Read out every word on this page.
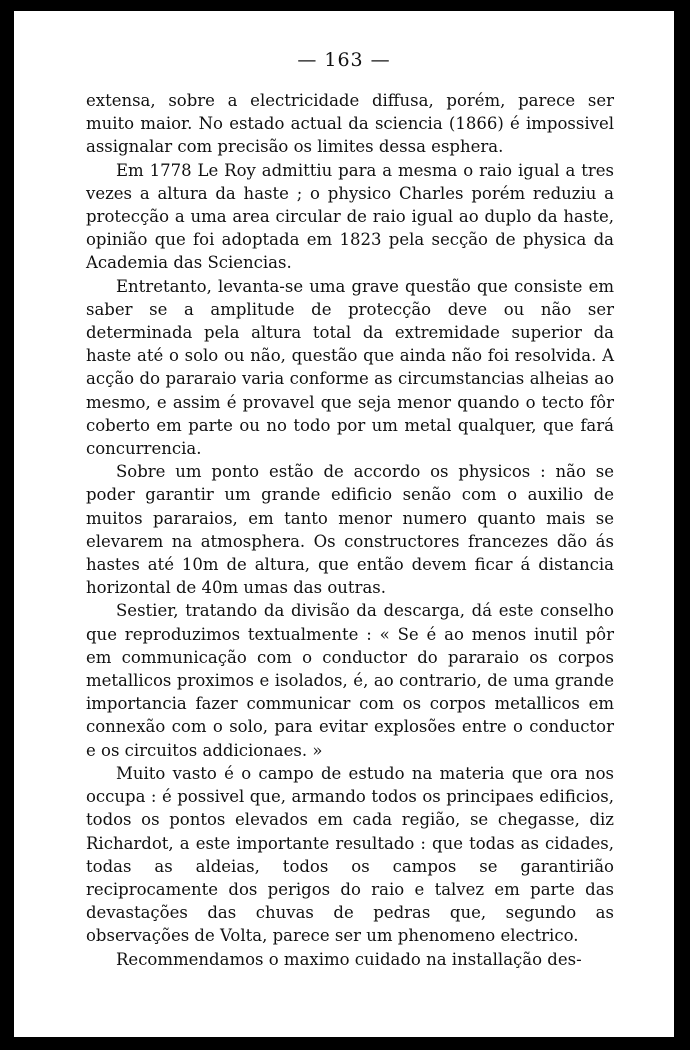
— 163 —

extensa, sobre a electricidade diffusa, porém, parece ser muito maior. No estado actual da sciencia (1866) é impossivel assignalar com precisão os limites dessa esphera.

Em 1778 Le Roy admittiu para a mesma o raio igual a tres vezes a altura da haste ; o physico Charles porém reduziu a protecção a uma area circular de raio igual ao duplo da haste, opinião que foi adoptada em 1823 pela secção de physica da Academia das Sciencias.

Entretanto, levanta-se uma grave questão que consiste em saber se a amplitude de protecção deve ou não ser determinada pela altura total da extremidade superior da haste até o solo ou não, questão que ainda não foi resolvida. A acção do pararaio varia conforme as circumstancias alheias ao mesmo, e assim é provavel que seja menor quando o tecto fôr coberto em parte ou no todo por um metal qualquer, que fará concurrencia.

Sobre um ponto estão de accordo os physicos : não se poder garantir um grande edificio senão com o auxilio de muitos pararaios, em tanto menor numero quanto mais se elevarem na atmosphera. Os constructores francezes dão ás hastes até 10m de altura, que então devem ficar á distancia horizontal de 40m umas das outras.

Sestier, tratando da divisão da descarga, dá este conselho que reproduzimos textualmente : « Se é ao menos inutil pôr em communicação com o conductor do pararaio os corpos metallicos proximos e isolados, é, ao contrario, de uma grande importancia fazer communicar com os corpos metallicos em connexão com o solo, para evitar explosões entre o conductor e os circuitos addicionaes. »

Muito vasto é o campo de estudo na materia que ora nos occupa : é possivel que, armando todos os principaes edificios, todos os pontos elevados em cada região, se chegasse, diz Richardot, a este importante resultado : que todas as cidades, todas as aldeias, todos os campos se garantirião reciprocamente dos perigos do raio e talvez em parte das devastações das chuvas de pedras que, segundo as observações de Volta, parece ser um phenomeno electrico.

Recommendamos o maximo cuidado na installação des-
